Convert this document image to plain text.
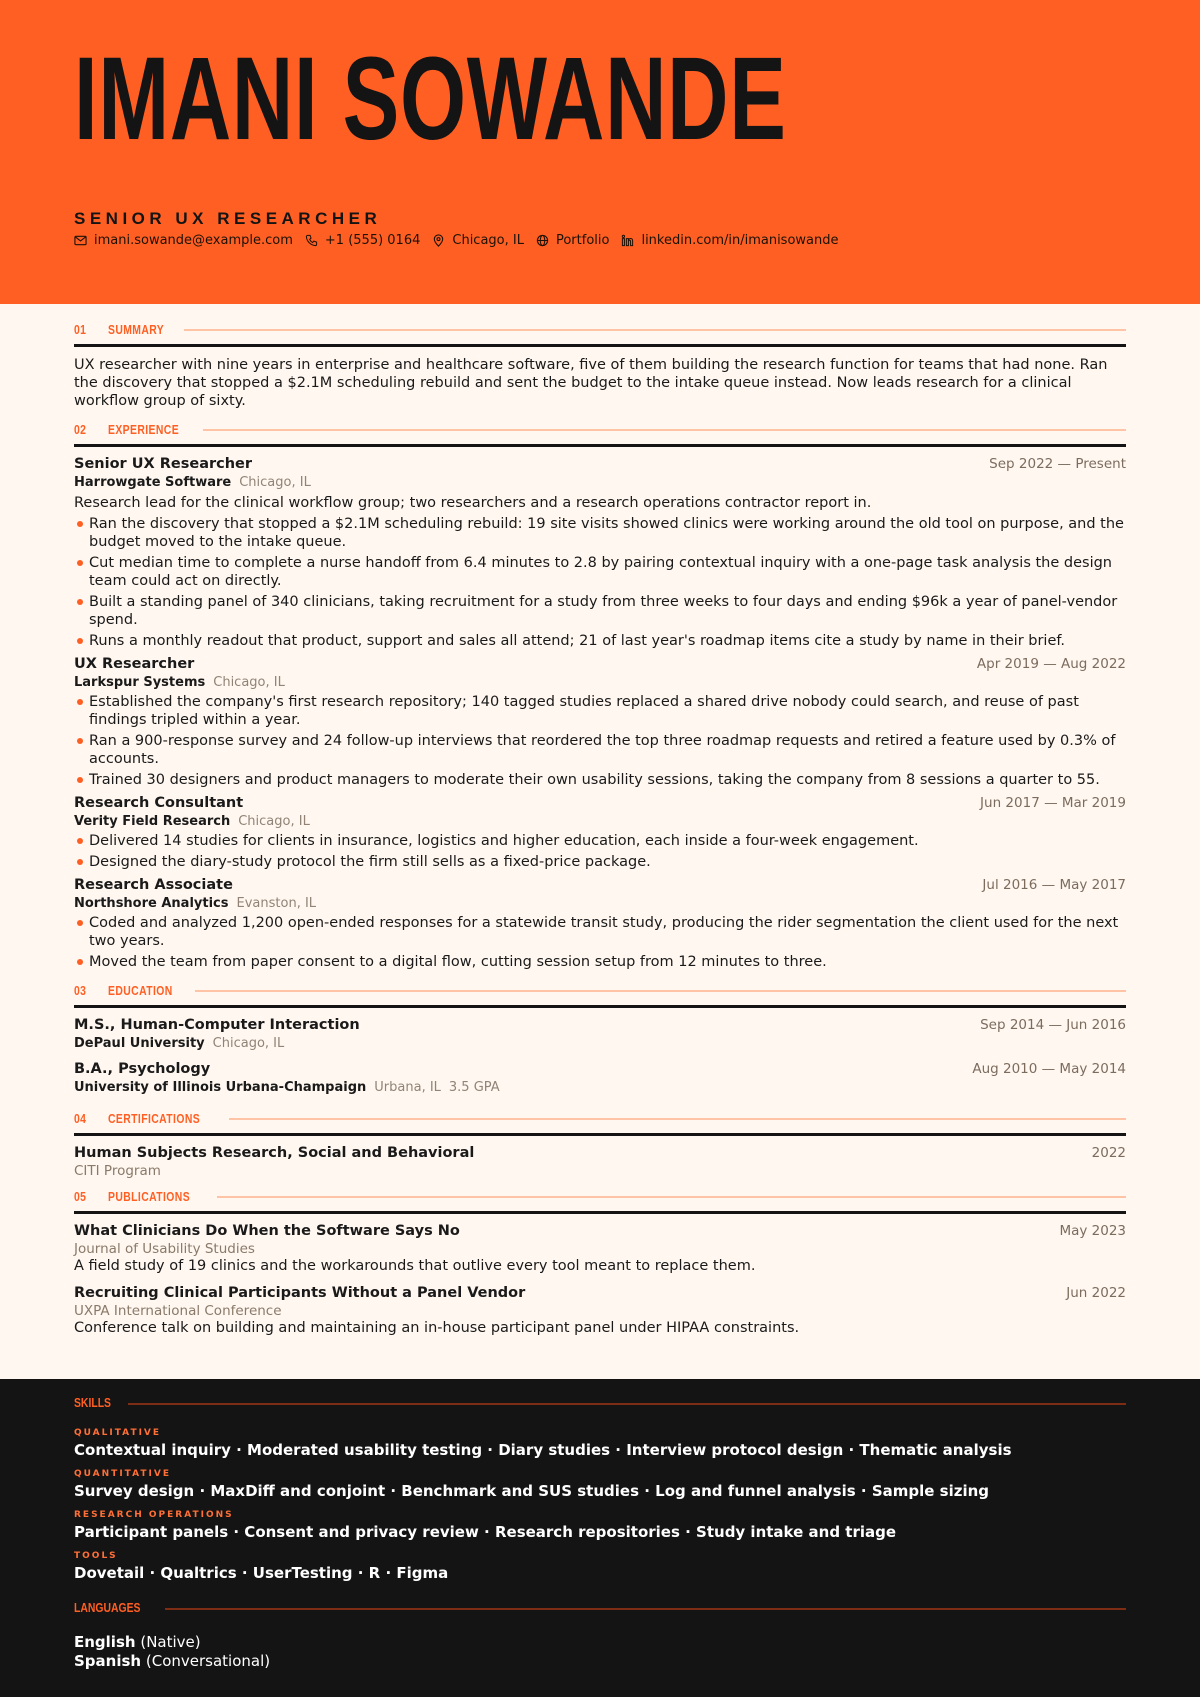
IMANI SOWANDE
SENIOR UX RESEARCHER
imani.sowande@example.com +1 (555) 0164 Chicago, IL Portfolio linkedin.com/in/imanisowande
01	SUMMARY

UX researcher with nine years in enterprise and healthcare software, five of them building the research function for teams that had none. Ran the discovery that stopped a $2.1M scheduling rebuild and sent the budget to the intake queue instead. Now leads research for a clinical workflow group of sixty.

02	EXPERIENCE
Senior UX Researcher	Sep 2022 — Present
Harrowgate Software Chicago, IL

Research lead for the clinical workflow group; two researchers and a research operations contractor report in.

Ran the discovery that stopped a $2.1M scheduling rebuild: 19 site visits showed clinics were working around the old tool on purpose, and the budget moved to the intake queue.
Cut median time to complete a nurse handoff from 6.4 minutes to 2.8 by pairing contextual inquiry with a one-page task analysis the design team could act on directly.
Built a standing panel of 340 clinicians, taking recruitment for a study from three weeks to four days and ending $96k a year of panel-vendor spend.
Runs a monthly readout that product, support and sales all attend; 21 of last year's roadmap items cite a study by name in their brief.
UX Researcher	Apr 2019 — Aug 2022
Larkspur Systems Chicago, IL
Established the company's first research repository; 140 tagged studies replaced a shared drive nobody could search, and reuse of past findings tripled within a year.
Ran a 900-response survey and 24 follow-up interviews that reordered the top three roadmap requests and retired a feature used by 0.3% of accounts.
Trained 30 designers and product managers to moderate their own usability sessions, taking the company from 8 sessions a quarter to 55.
Research Consultant	Jun 2017 — Mar 2019
Verity Field Research Chicago, IL
Delivered 14 studies for clients in insurance, logistics and higher education, each inside a four-week engagement.
Designed the diary-study protocol the firm still sells as a fixed-price package.
Research Associate	Jul 2016 — May 2017
Northshore Analytics Evanston, IL
Coded and analyzed 1,200 open-ended responses for a statewide transit study, producing the rider segmentation the client used for the next two years.
Moved the team from paper consent to a digital flow, cutting session setup from 12 minutes to three.
03	EDUCATION
M.S., Human-Computer Interaction	Sep 2014 — Jun 2016
DePaul University Chicago, IL
B.A., Psychology	Aug 2010 — May 2014
University of Illinois Urbana-Champaign Urbana, IL 3.5 GPA
04	CERTIFICATIONS
Human Subjects Research, Social and Behavioral	2022
CITI Program
05	PUBLICATIONS
What Clinicians Do When the Software Says No	May 2023
Journal of Usability Studies

A field study of 19 clinics and the workarounds that outlive every tool meant to replace them.

Recruiting Clinical Participants Without a Panel Vendor	Jun 2022
UXPA International Conference

Conference talk on building and maintaining an in-house participant panel under HIPAA constraints.

SKILLS
QUALITATIVE
Contextual inquiry · Moderated usability testing · Diary studies · Interview protocol design · Thematic analysis
QUANTITATIVE
Survey design · MaxDiff and conjoint · Benchmark and SUS studies · Log and funnel analysis · Sample sizing
RESEARCH OPERATIONS
Participant panels · Consent and privacy review · Research repositories · Study intake and triage
TOOLS
Dovetail · Qualtrics · UserTesting · R · Figma
LANGUAGES
English (Native)
Spanish (Conversational)
